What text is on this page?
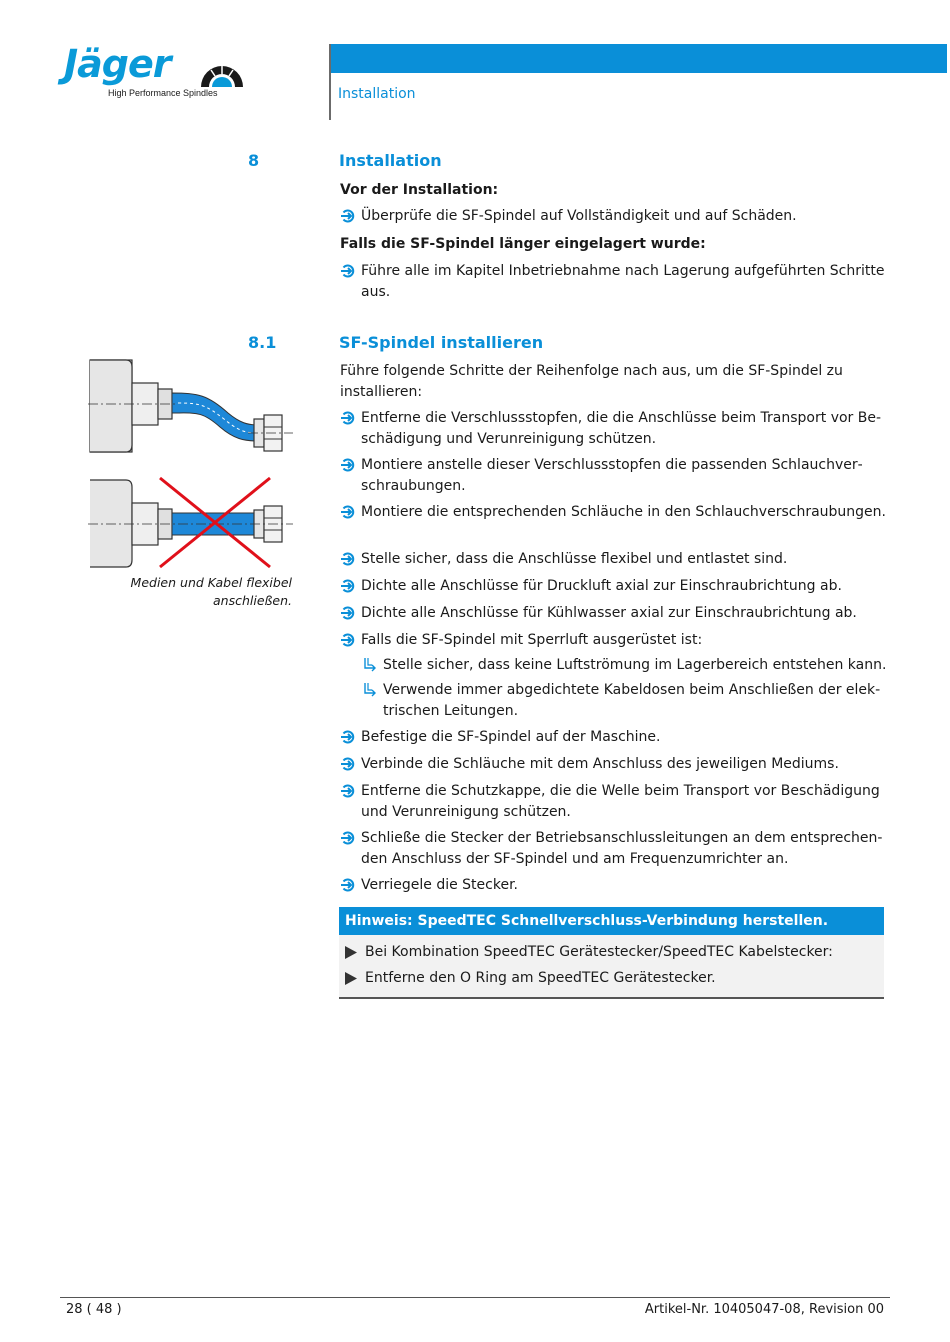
Jäger
High Performance Spindles	Installation
8	Installation
Vor der Installation:
Überprüfe die SF-Spindel auf Vollständigkeit und auf Schäden.
Falls die SF-Spindel länger eingelagert wurde:
Führe alle im Kapitel Inbetriebnahme nach Lagerung aufgeführten Schritte aus.
8.1	SF-Spindel installieren
Führe folgende Schritte der Reihenfolge nach aus, um die SF-Spindel zu installieren:
Entferne die Verschlussstopfen, die die Anschlüsse beim Transport vor Beschädigung und Verunreinigung schützen.
Montiere anstelle dieser Verschlussstopfen die passenden Schlauchverschraubungen.
Montiere die entsprechenden Schläuche in den Schlauchverschraubungen.
Stelle sicher, dass die Anschlüsse flexibel und entlastet sind.
Dichte alle Anschlüsse für Druckluft axial zur Einschraubrichtung ab.
Dichte alle Anschlüsse für Kühlwasser axial zur Einschraubrichtung ab.
Falls die SF-Spindel mit Sperrluft ausgerüstet ist:
Stelle sicher, dass keine Luftströmung im Lagerbereich entstehen kann.
Verwende immer abgedichtete Kabeldosen beim Anschließen der elektrischen Leitungen.
Befestige die SF-Spindel auf der Maschine.
Verbinde die Schläuche mit dem Anschluss des jeweiligen Mediums.
Entferne die Schutzkappe, die die Welle beim Transport vor Beschädigung und Verunreinigung schützen.
Schließe die Stecker der Betriebsanschlussleitungen an dem entsprechenden Anschluss der SF-Spindel und am Frequenzumrichter an.
Verriegele die Stecker.
Medien und Kabel flexibel
anschließen.
Hinweis: SpeedTEC Schnellverschluss-Verbindung herstellen.
Bei Kombination SpeedTEC Gerätestecker/SpeedTEC Kabelstecker:
Entferne den O Ring am SpeedTEC Gerätestecker.
28 ( 48 )	Artikel-Nr. 10405047-08, Revision 00
